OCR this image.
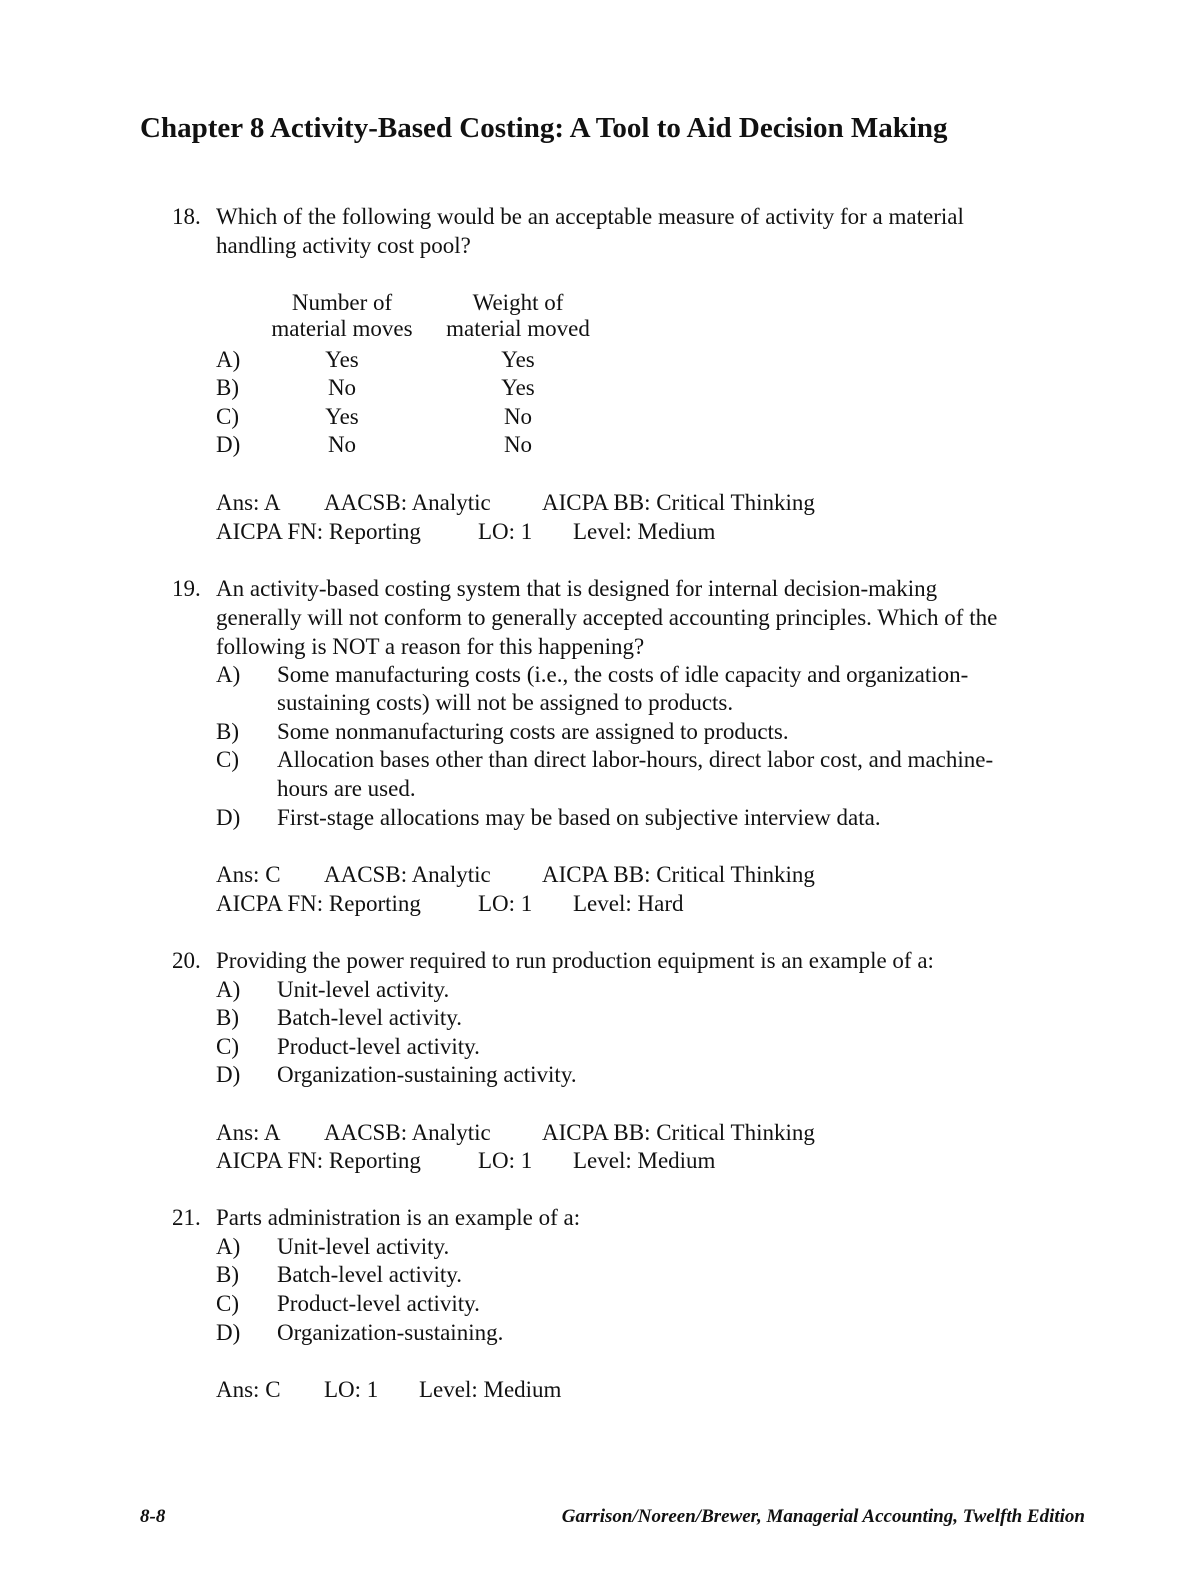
Chapter 8 Activity-Based Costing: A Tool to Aid Decision Making
18. Which of the following would be an acceptable measure of activity for a material
handling activity cost pool?
Number of
material moves
Weight of
material moved
A)	Yes	Yes
B)	No	Yes
C)	Yes	No
D)	No	No
Ans: A AACSB: Analytic AICPA BB: Critical Thinking
AICPA FN: Reporting LO: 1 Level: Medium
19. An activity-based costing system that is designed for internal decision-making
generally will not conform to generally accepted accounting principles. Which of the
following is NOT a reason for this happening?
A) Some manufacturing costs (i.e., the costs of idle capacity and organization-
sustaining costs) will not be assigned to products.
B) Some nonmanufacturing costs are assigned to products.
C) Allocation bases other than direct labor-hours, direct labor cost, and machine-
hours are used.
D) First-stage allocations may be based on subjective interview data.
Ans: C AACSB: Analytic AICPA BB: Critical Thinking
AICPA FN: Reporting LO: 1 Level: Hard
20. Providing the power required to run production equipment is an example of a:
A) Unit-level activity.
B) Batch-level activity.
C) Product-level activity.
D) Organization-sustaining activity.
Ans: A AACSB: Analytic AICPA BB: Critical Thinking
AICPA FN: Reporting LO: 1 Level: Medium
21. Parts administration is an example of a:
A) Unit-level activity.
B) Batch-level activity.
C) Product-level activity.
D) Organization-sustaining.
Ans: C LO: 1 Level: Medium
8-8	Garrison/Noreen/Brewer, Managerial Accounting, Twelfth Edition
